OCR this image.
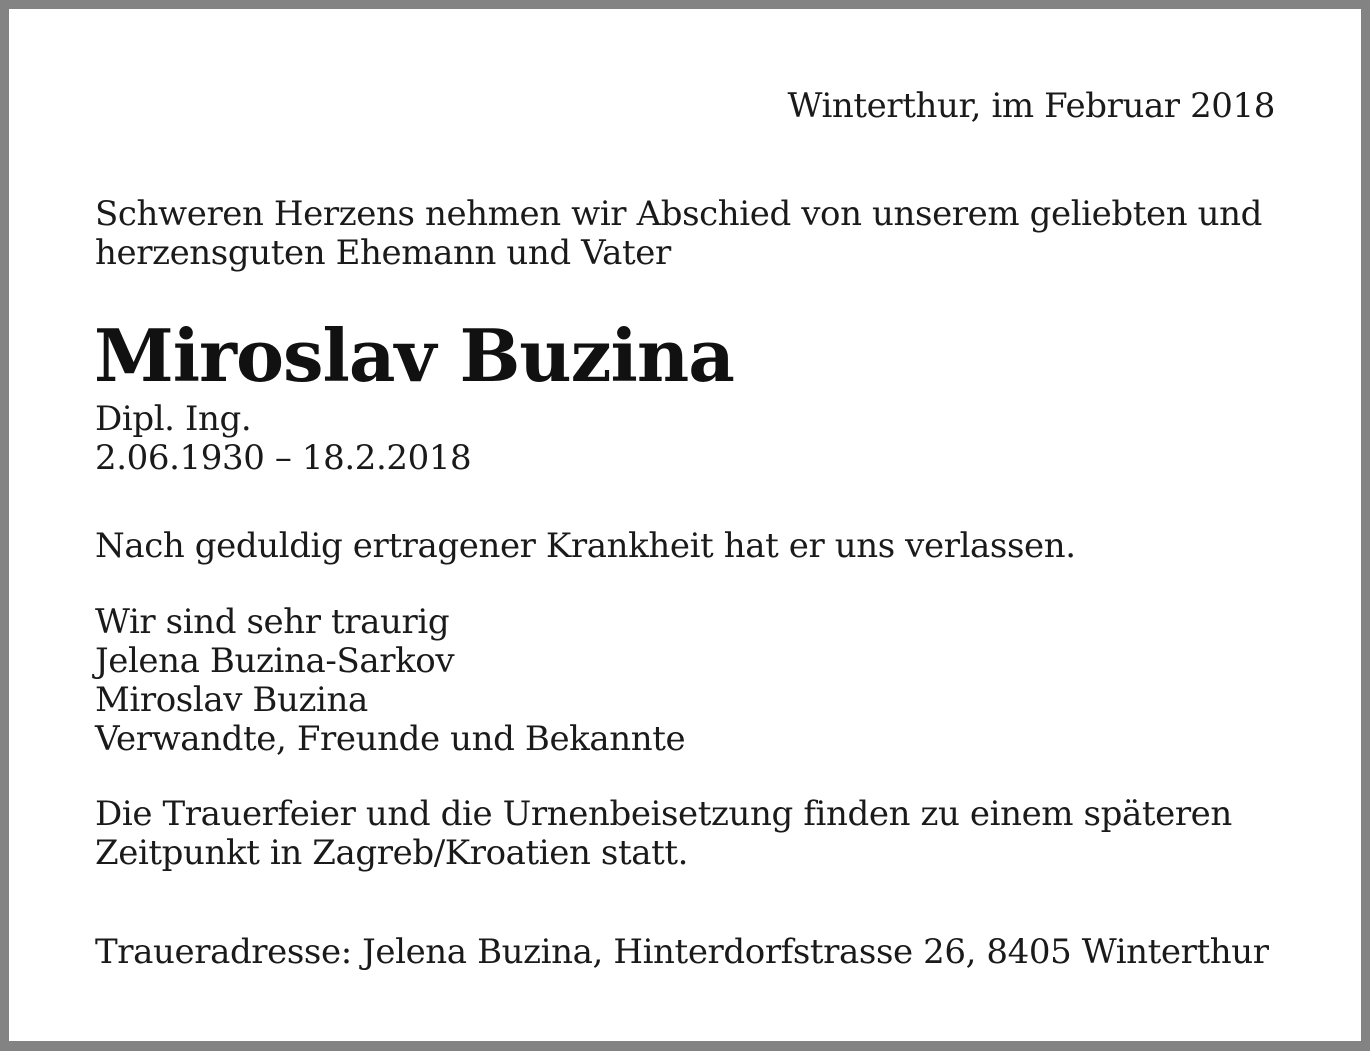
Winterthur, im Februar 2018

Schweren Herzens nehmen wir Abschied von unserem geliebten und
herzensguten Ehemann und Vater

Miroslav Buzina

Dipl. Ing.

2.06.1930 – 18.2.2018

Nach geduldig ertragener Krankheit hat er uns verlassen.

Wir sind sehr traurig
Jelena Buzina-Sarkov
Miroslav Buzina
Verwandte, Freunde und Bekannte

Die Trauerfeier und die Urnenbeisetzung finden zu einem späteren
Zeitpunkt in Zagreb/Kroatien statt.

Traueradresse: Jelena Buzina, Hinterdorfstrasse 26, 8405 Winterthur
